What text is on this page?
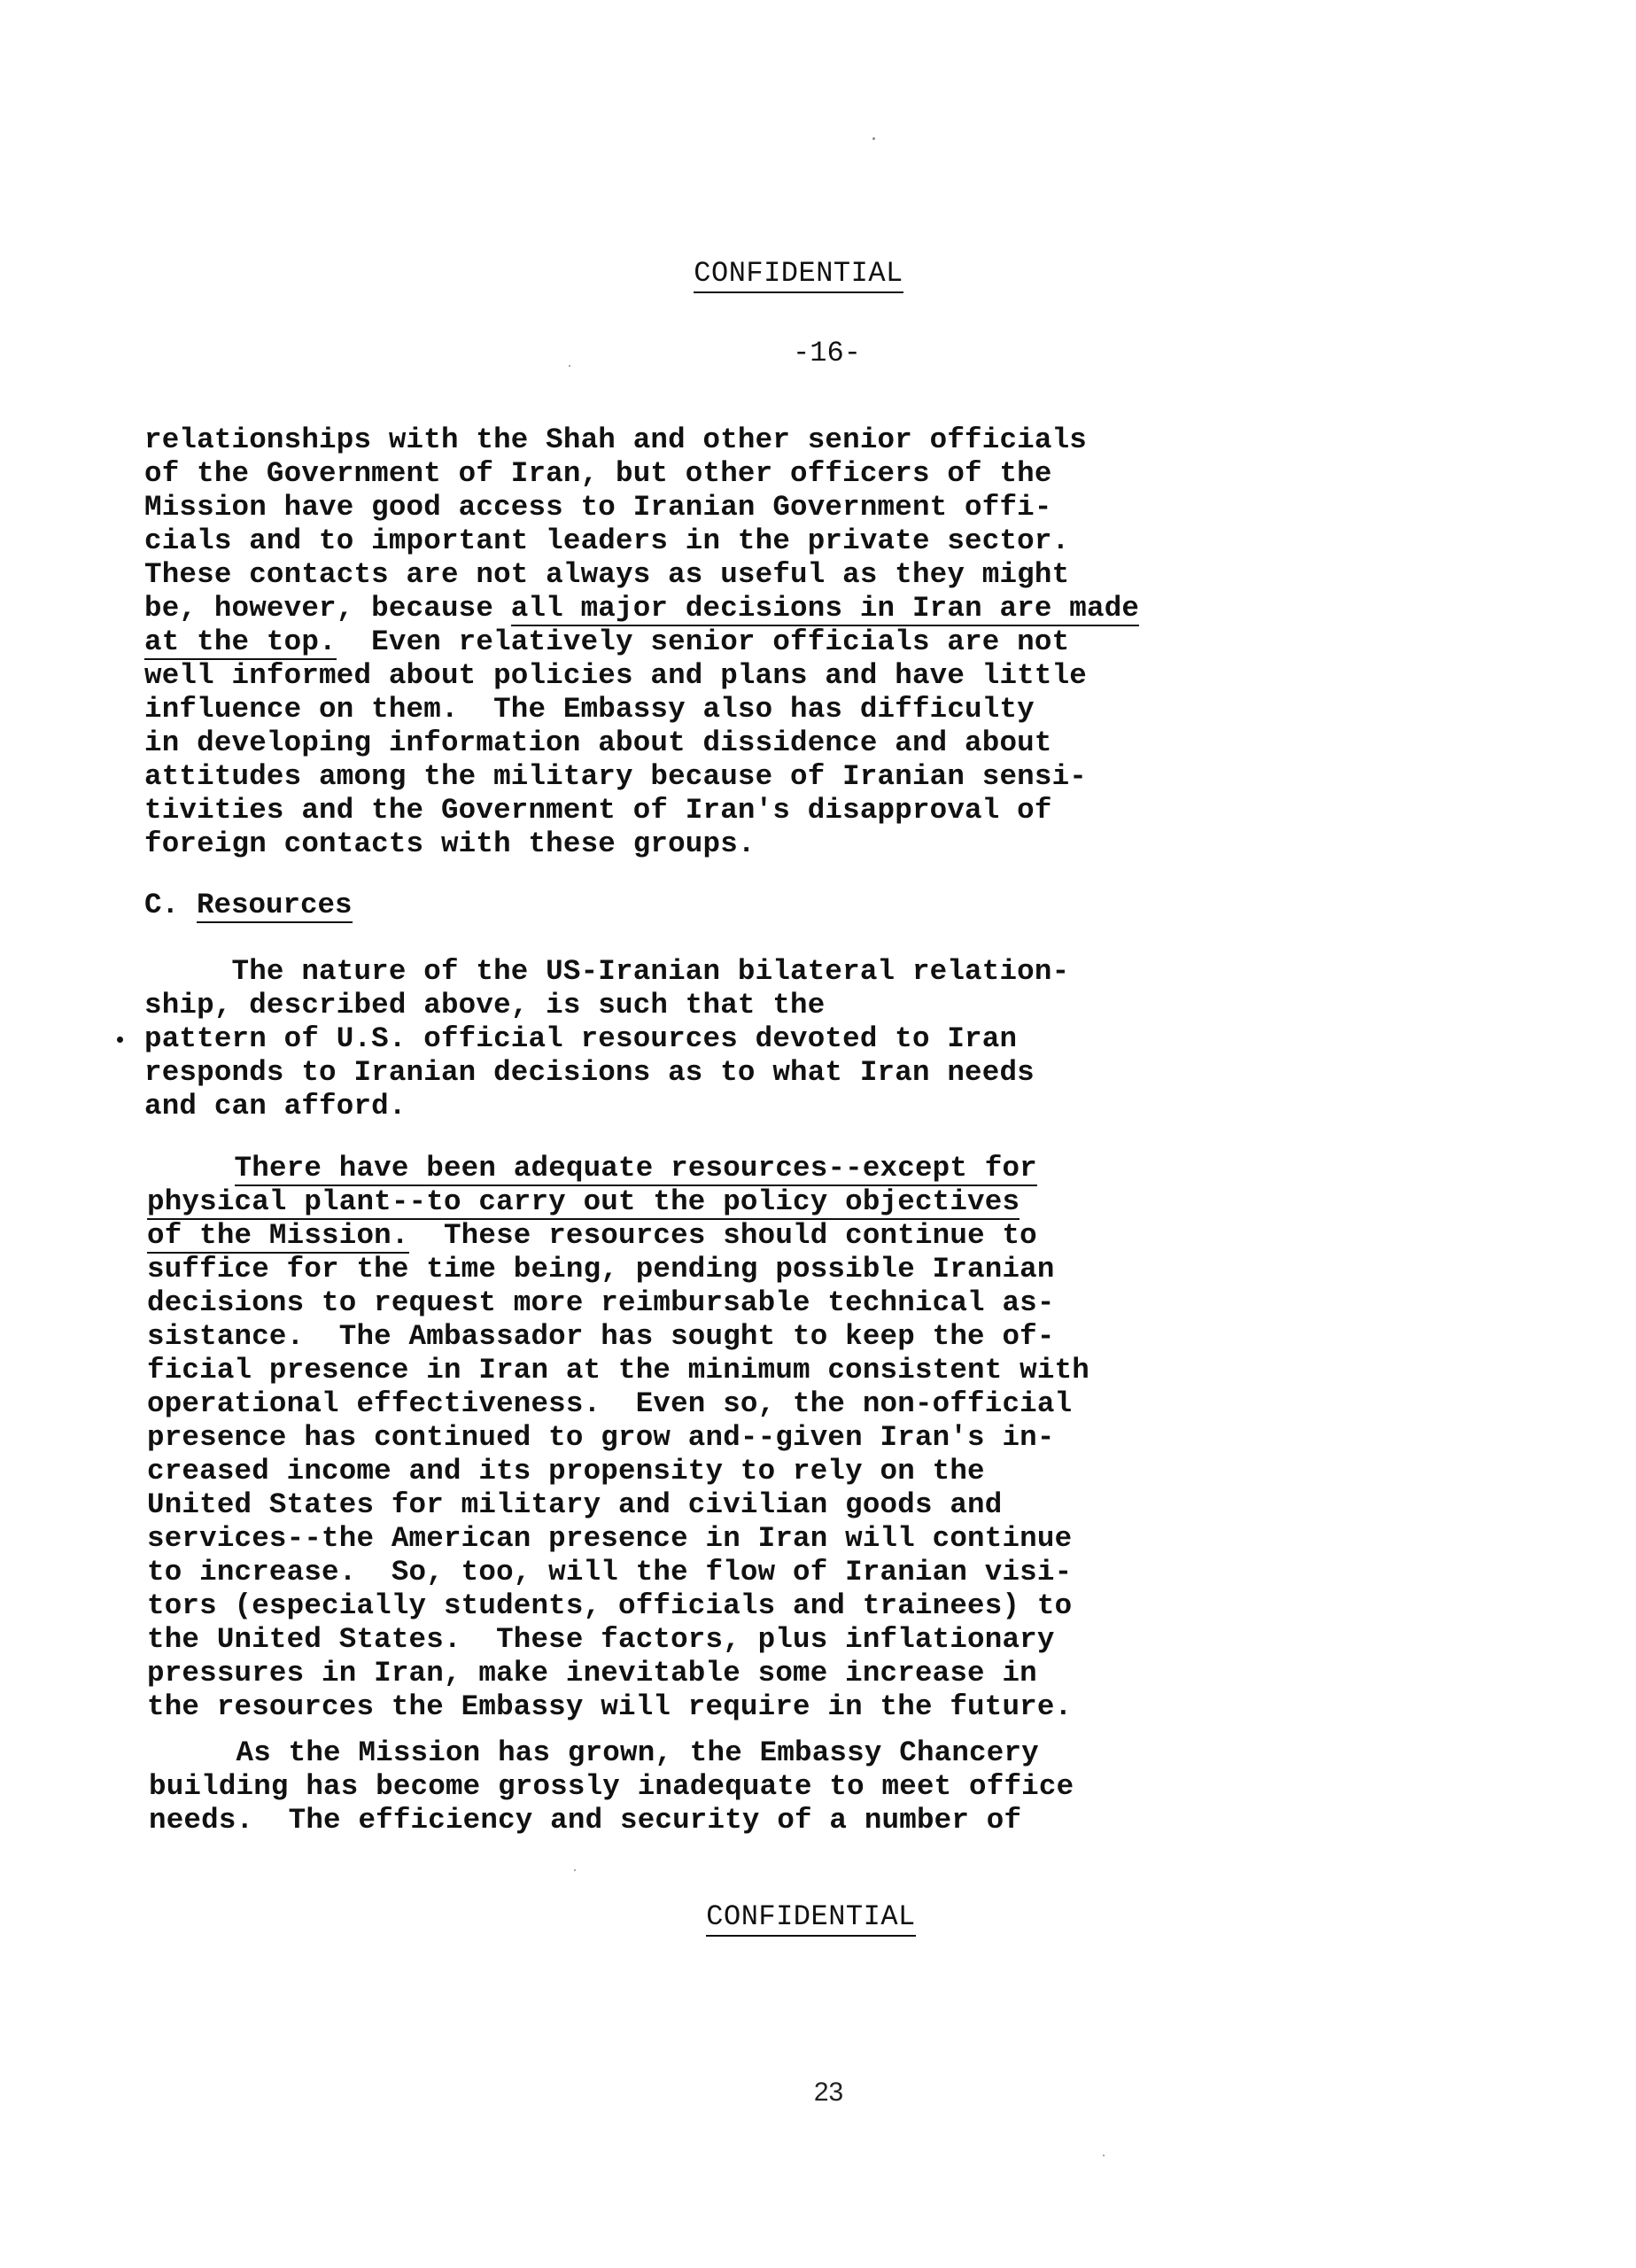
CONFIDENTIAL
-16-
relationships with the Shah and other senior officials
of the Government of Iran, but other officers of the
Mission have good access to Iranian Government offi-
cials and to important leaders in the private sector.
These contacts are not always as useful as they might
be, however, because all major decisions in Iran are made
at the top.  Even relatively senior officials are not
well informed about policies and plans and have little
influence on them.  The Embassy also has difficulty
in developing information about dissidence and about
attitudes among the military because of Iranian sensi-
tivities and the Government of Iran's disapproval of
foreign contacts with these groups.
C. Resources
The nature of the US-Iranian bilateral relation-
ship, described above, is such that the
pattern of U.S. official resources devoted to Iran
responds to Iranian decisions as to what Iran needs
and can afford.
There have been adequate resources--except for
physical plant--to carry out the policy objectives
of the Mission.  These resources should continue to
suffice for the time being, pending possible Iranian
decisions to request more reimbursable technical as-
sistance.  The Ambassador has sought to keep the of-
ficial presence in Iran at the minimum consistent with
operational effectiveness.  Even so, the non-official
presence has continued to grow and--given Iran's in-
creased income and its propensity to rely on the
United States for military and civilian goods and
services--the American presence in Iran will continue
to increase.  So, too, will the flow of Iranian visi-
tors (especially students, officials and trainees) to
the United States.  These factors, plus inflationary
pressures in Iran, make inevitable some increase in
the resources the Embassy will require in the future.
As the Mission has grown, the Embassy Chancery
building has become grossly inadequate to meet office
needs.  The efficiency and security of a number of
CONFIDENTIAL
23
